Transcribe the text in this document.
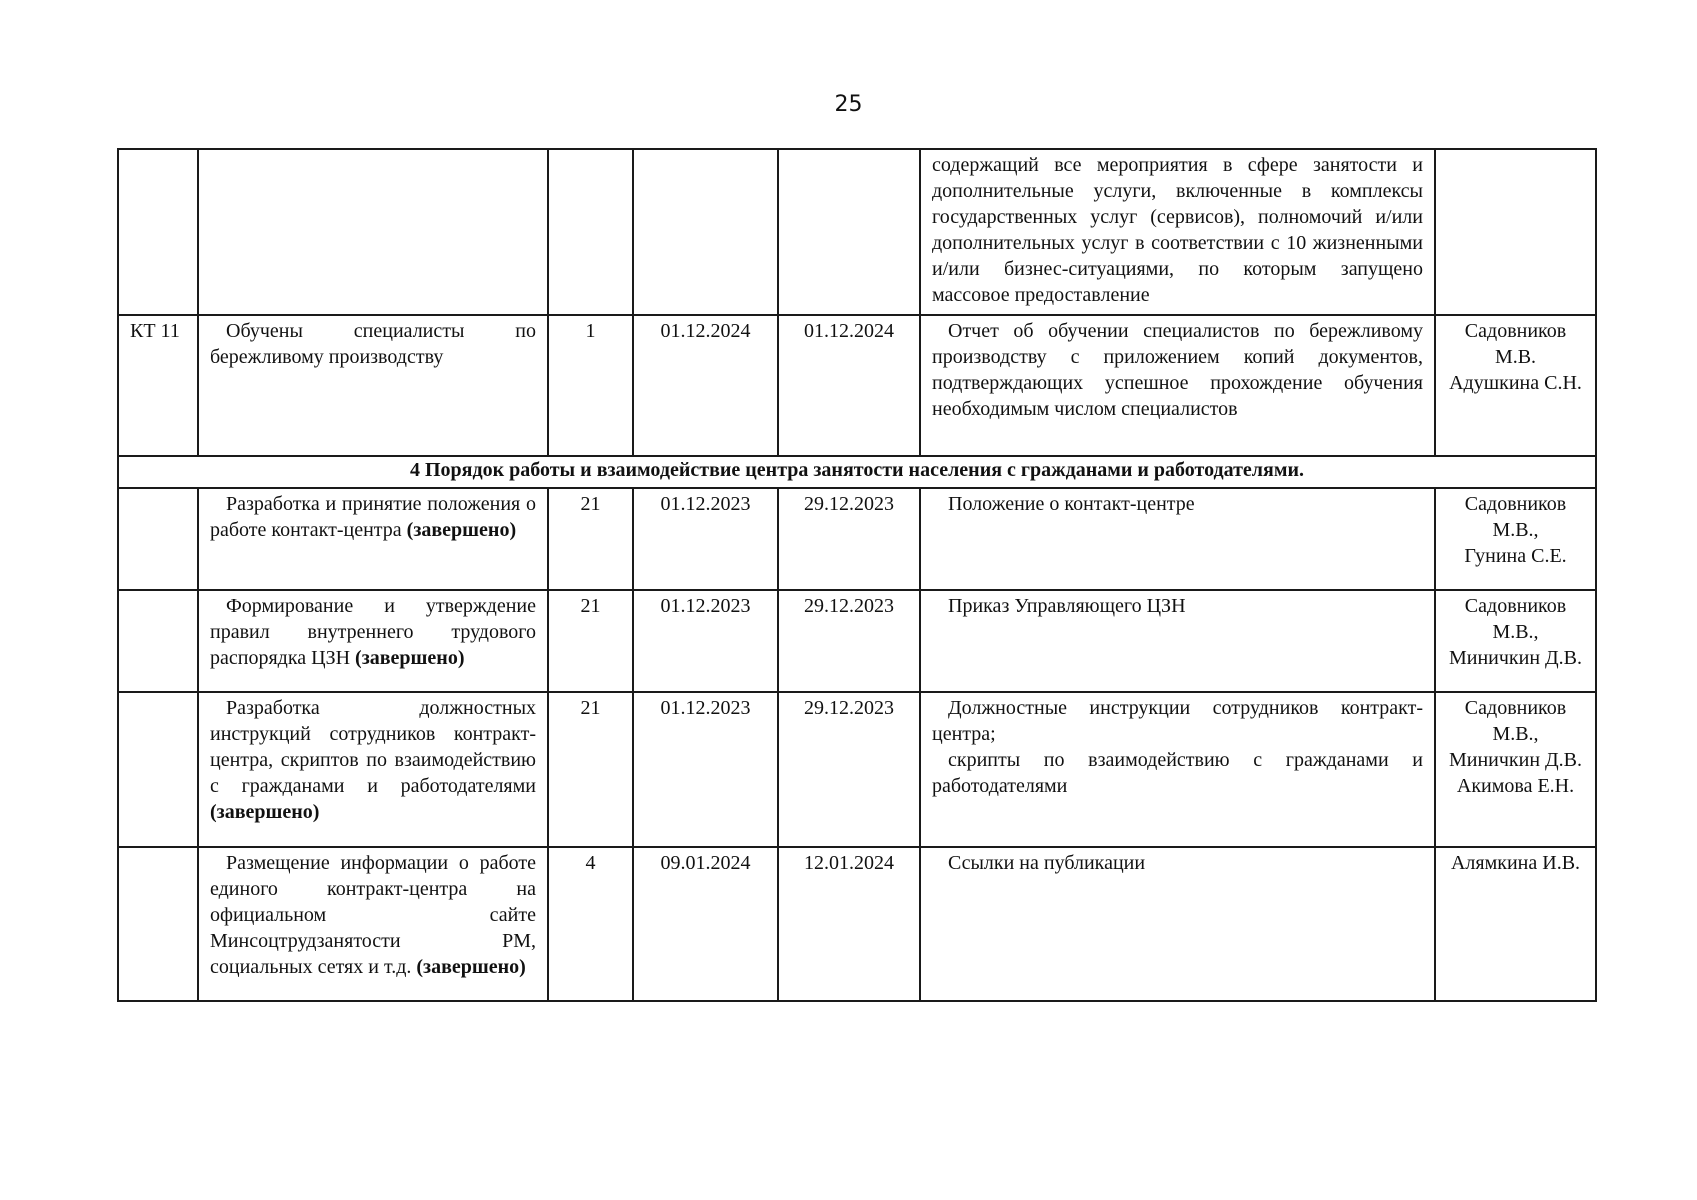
25

					содержащий все мероприятия в сфере занятости и дополнительные услуги, включенные в комплексы государственных услуг (сервисов), полномочий и/или дополнительных услуг в соответствии с 10 жизненными и/или бизнес-ситуациями, по которым запущено массовое предоставление	

КТ 11	Обучены специалисты по бережливому производству	1	01.12.2024	01.12.2024	Отчет об обучении специалистов по бережливому производству с приложением копий документов, подтверждающих успешное прохождение обучения необходимым числом специалистов	Садовников
М.В.
Адушкина С.Н.

4 Порядок работы и взаимодействие центра занятости населения с гражданами и работодателями.						
	Разработка и принятие положения о работе контакт-центра (завершено)	21	01.12.2023	29.12.2023	Положение о контакт-центре	Садовников
М.В.,
Гунина С.Е.

	Формирование и утверждение правил внутреннего трудового распорядка ЦЗН (завершено)	21	01.12.2023	29.12.2023	Приказ Управляющего ЦЗН	Садовников
М.В.,
Миничкин Д.В.

	Разработка должностных инструкций сотрудников контракт-центра, скриптов по взаимодействию с гражданами и работодателями (завершено)	21	01.12.2023	29.12.2023	Должностные инструкции сотрудников контракт-центра;
скрипты по взаимодействию с гражданами и работодателями	Садовников
М.В.,
Миничкин Д.В.
Акимова Е.Н.

	Размещение информации о работе единого контракт-центра на официальном сайте Минсоцтрудзанятости РМ, социальных сетях и т.д. (завершено)	4	09.01.2024	12.01.2024	Ссылки на публикации	Алямкина И.В.
